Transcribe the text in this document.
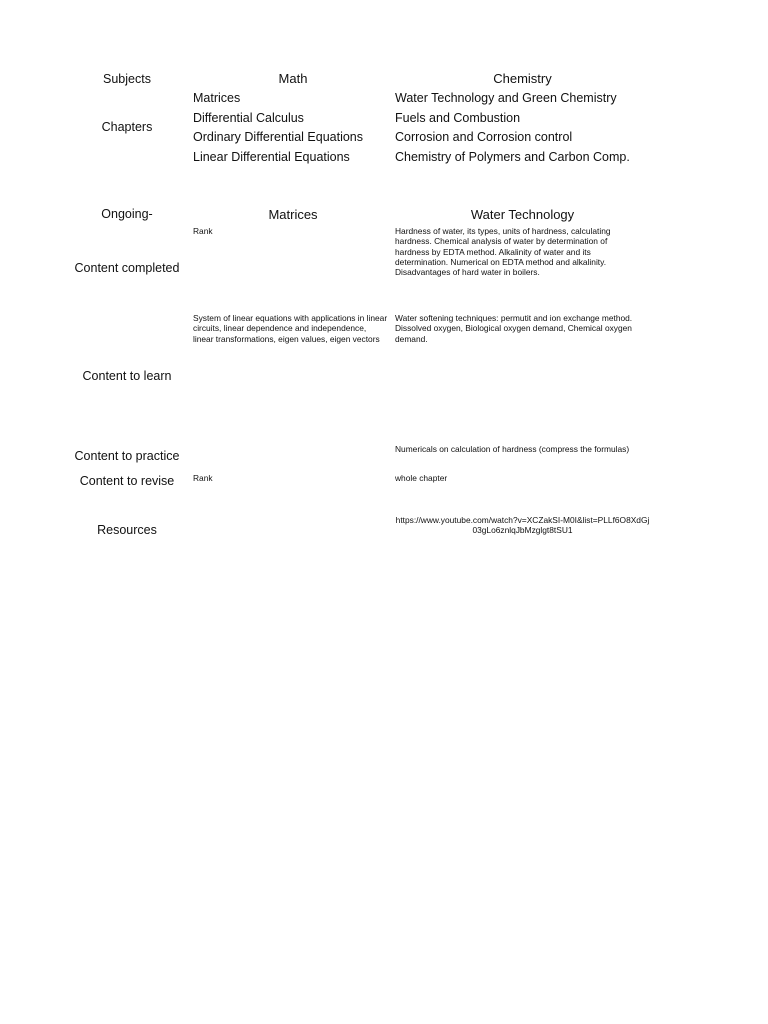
Subjects
Chapters
Ongoing-
Content completed
Content to learn
Content to practice
Content to revise
Resources
Math
Matrices
Differential Calculus
Ordinary Differential Equations
Linear Differential Equations
Matrices
Rank
System of linear equations with applications in linear circuits, linear dependence and independence, linear transformations, eigen values, eigen vectors
Rank
Chemistry
Water Technology and Green Chemistry
Fuels and Combustion
Corrosion and Corrosion control
Chemistry of Polymers and Carbon Comp.
Water Technology
Hardness of water, its types, units of hardness, calculating hardness. Chemical analysis of water by determination of hardness by EDTA method. Alkalinity of water and its determination. Numerical on EDTA method and alkalinity. Disadvantages of hard water in boilers.
Water softening techniques: permutit and ion exchange method. Dissolved oxygen, Biological oxygen demand, Chemical oxygen demand.
Numericals on calculation of hardness (compress the formulas)
whole chapter
https://www.youtube.com/watch?v=XCZakSI-M0I&list=PLLf6O8XdGj03gLo6znlqJbMzglgt8tSU1
